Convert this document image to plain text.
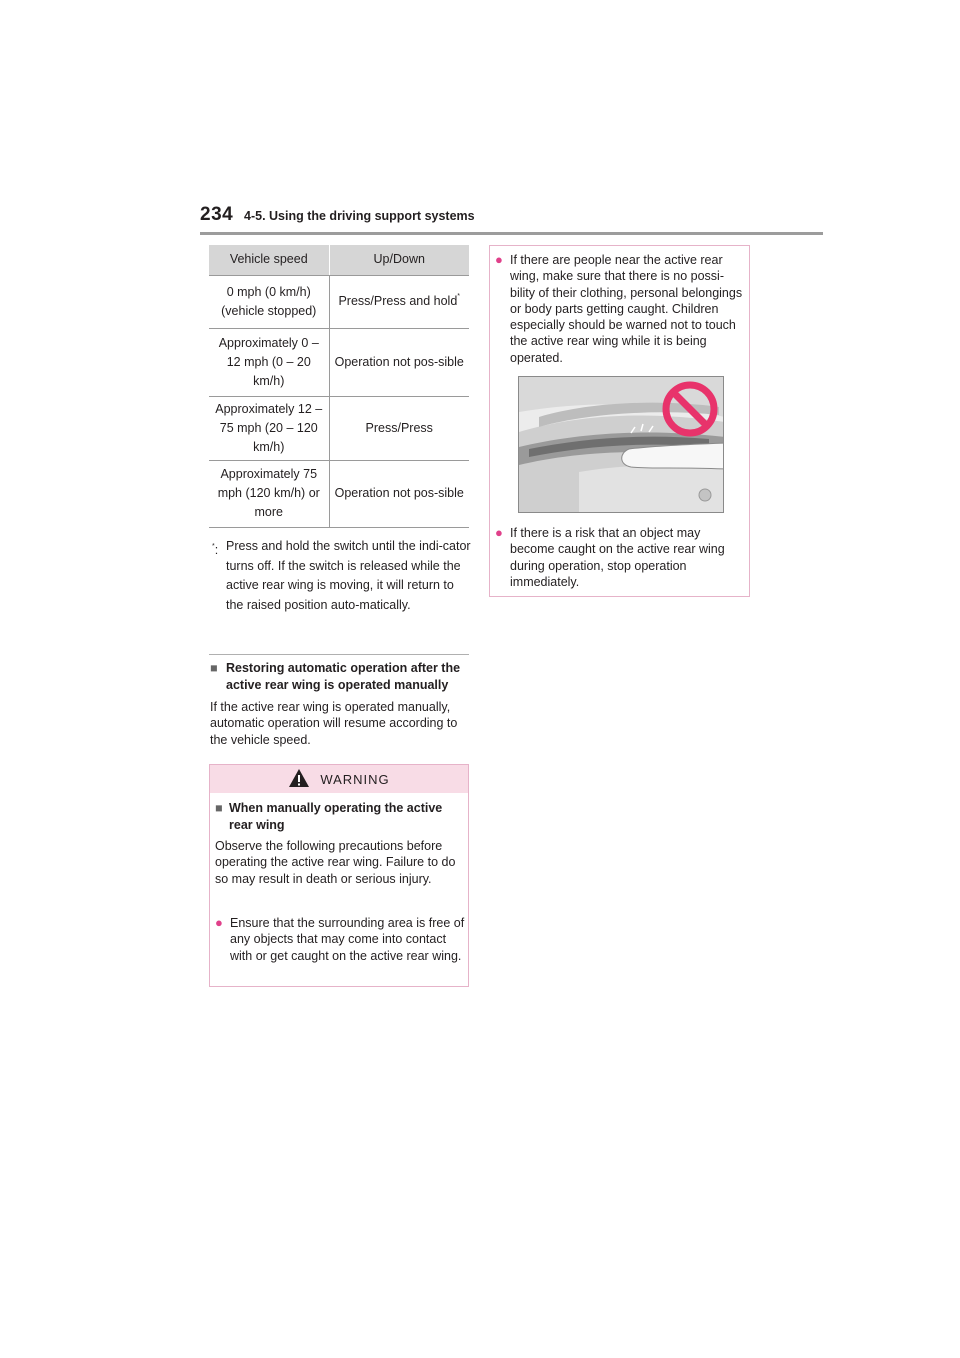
234 4-5. Using the driving support systems
Vehicle speed	Up/Down
0 mph (0 km/h) (vehicle stopped)	Press/Press and hold*
Approximately 0 – 12 mph (0 – 20 km/h)	Operation not pos-sible
Approximately 12 – 75 mph (20 – 120 km/h)	Press/Press
Approximately 75 mph (120 km/h) or more	Operation not pos-sible
*: Press and hold the switch until the indi-cator turns off. If the switch is released while the active rear wing is moving, it will return to the raised position auto-matically.
■ Restoring automatic operation after the active rear wing is operated manually
If the active rear wing is operated manually, automatic operation will resume according to the vehicle speed.
WARNING
■ When manually operating the active rear wing
Observe the following precautions before operating the active rear wing. Failure to do so may result in death or serious injury.
● Ensure that the surrounding area is free of any objects that may come into contact with or get caught on the active rear wing.
● If there are people near the active rear wing, make sure that there is no possi-bility of their clothing, personal belongings or body parts getting caught. Children especially should be warned not to touch the active rear wing while it is being operated.
● If there is a risk that an object may become caught on the active rear wing during operation, stop operation immediately.
